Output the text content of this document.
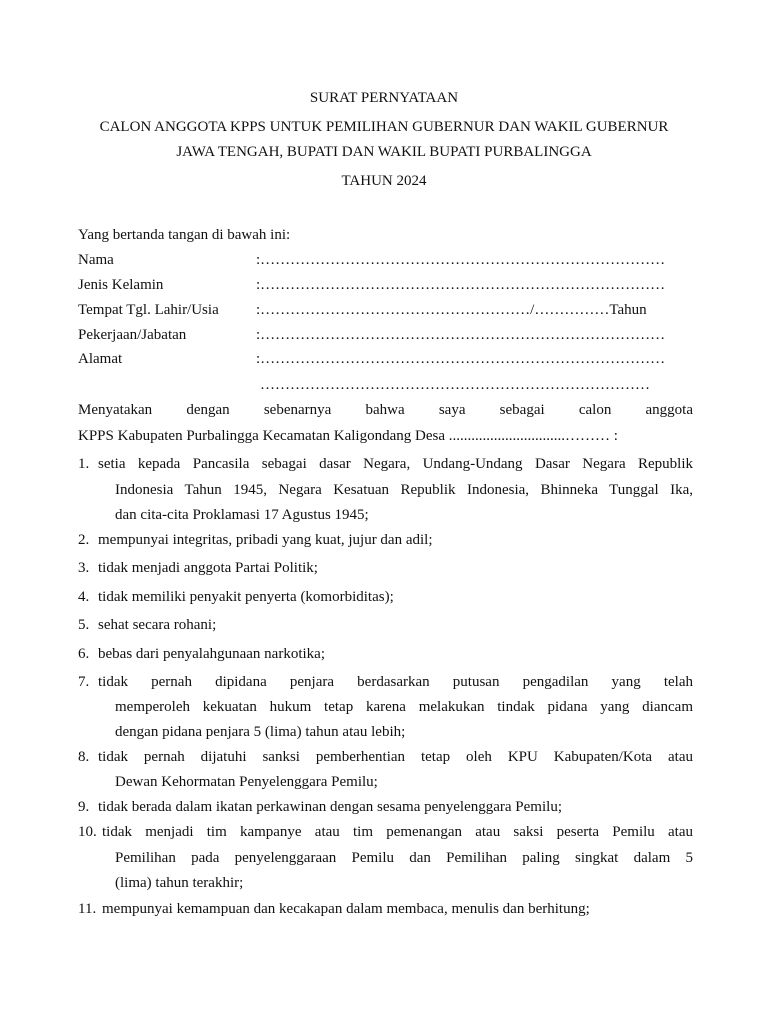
SURAT PERNYATAAN
CALON ANGGOTA KPPS UNTUK PEMILIHAN GUBERNUR DAN WAKIL GUBERNUR
JAWA TENGAH, BUPATI DAN WAKIL BUPATI PURBALINGGA
TAHUN 2024
Yang bertanda tangan di bawah ini:
Nama	:………………………………………………………………………
Jenis Kelamin	:………………………………………………………………………
Tempat Tgl. Lahir/Usia :………………………………………………/……………Tahun
Pekerjaan/Jabatan	:………………………………………………………………………
Alamat	:………………………………………………………………………
……………………………………………………………………
Menyatakan      dengan      sebenarnya      bahwa      saya      sebagai      calon      anggota
KPPS Kabupaten Purbalingga Kecamatan Kaligondang Desa ...............................……… :
1. setia kepada Pancasila sebagai dasar Negara, Undang-Undang Dasar Negara Republik
Indonesia Tahun 1945, Negara Kesatuan Republik Indonesia, Bhinneka Tunggal Ika,
dan cita-cita Proklamasi 17 Agustus 1945;
2. mempunyai integritas, pribadi yang kuat, jujur dan adil;
3. tidak menjadi anggota Partai Politik;
4. tidak memiliki penyakit penyerta (komorbiditas);
5. sehat secara rohani;
6. bebas dari penyalahgunaan narkotika;
7. tidak     pernah     dipidana     penjara     berdasarkan     putusan     pengadilan     yang     telah
memperoleh kekuatan hukum tetap karena melakukan tindak pidana yang diancam
dengan pidana penjara 5 (lima) tahun atau lebih;
8. tidak pernah dijatuhi sanksi pemberhentian tetap oleh KPU Kabupaten/Kota atau
Dewan Kehormatan Penyelenggara Pemilu;
9. tidak berada dalam ikatan perkawinan dengan sesama penyelenggara Pemilu;
10. tidak menjadi tim kampanye atau tim pemenangan atau saksi peserta Pemilu atau
Pemilihan pada penyelenggaraan Pemilu dan Pemilihan paling singkat dalam 5
(lima) tahun terakhir;
11. mempunyai kemampuan dan kecakapan dalam membaca, menulis dan berhitung;
